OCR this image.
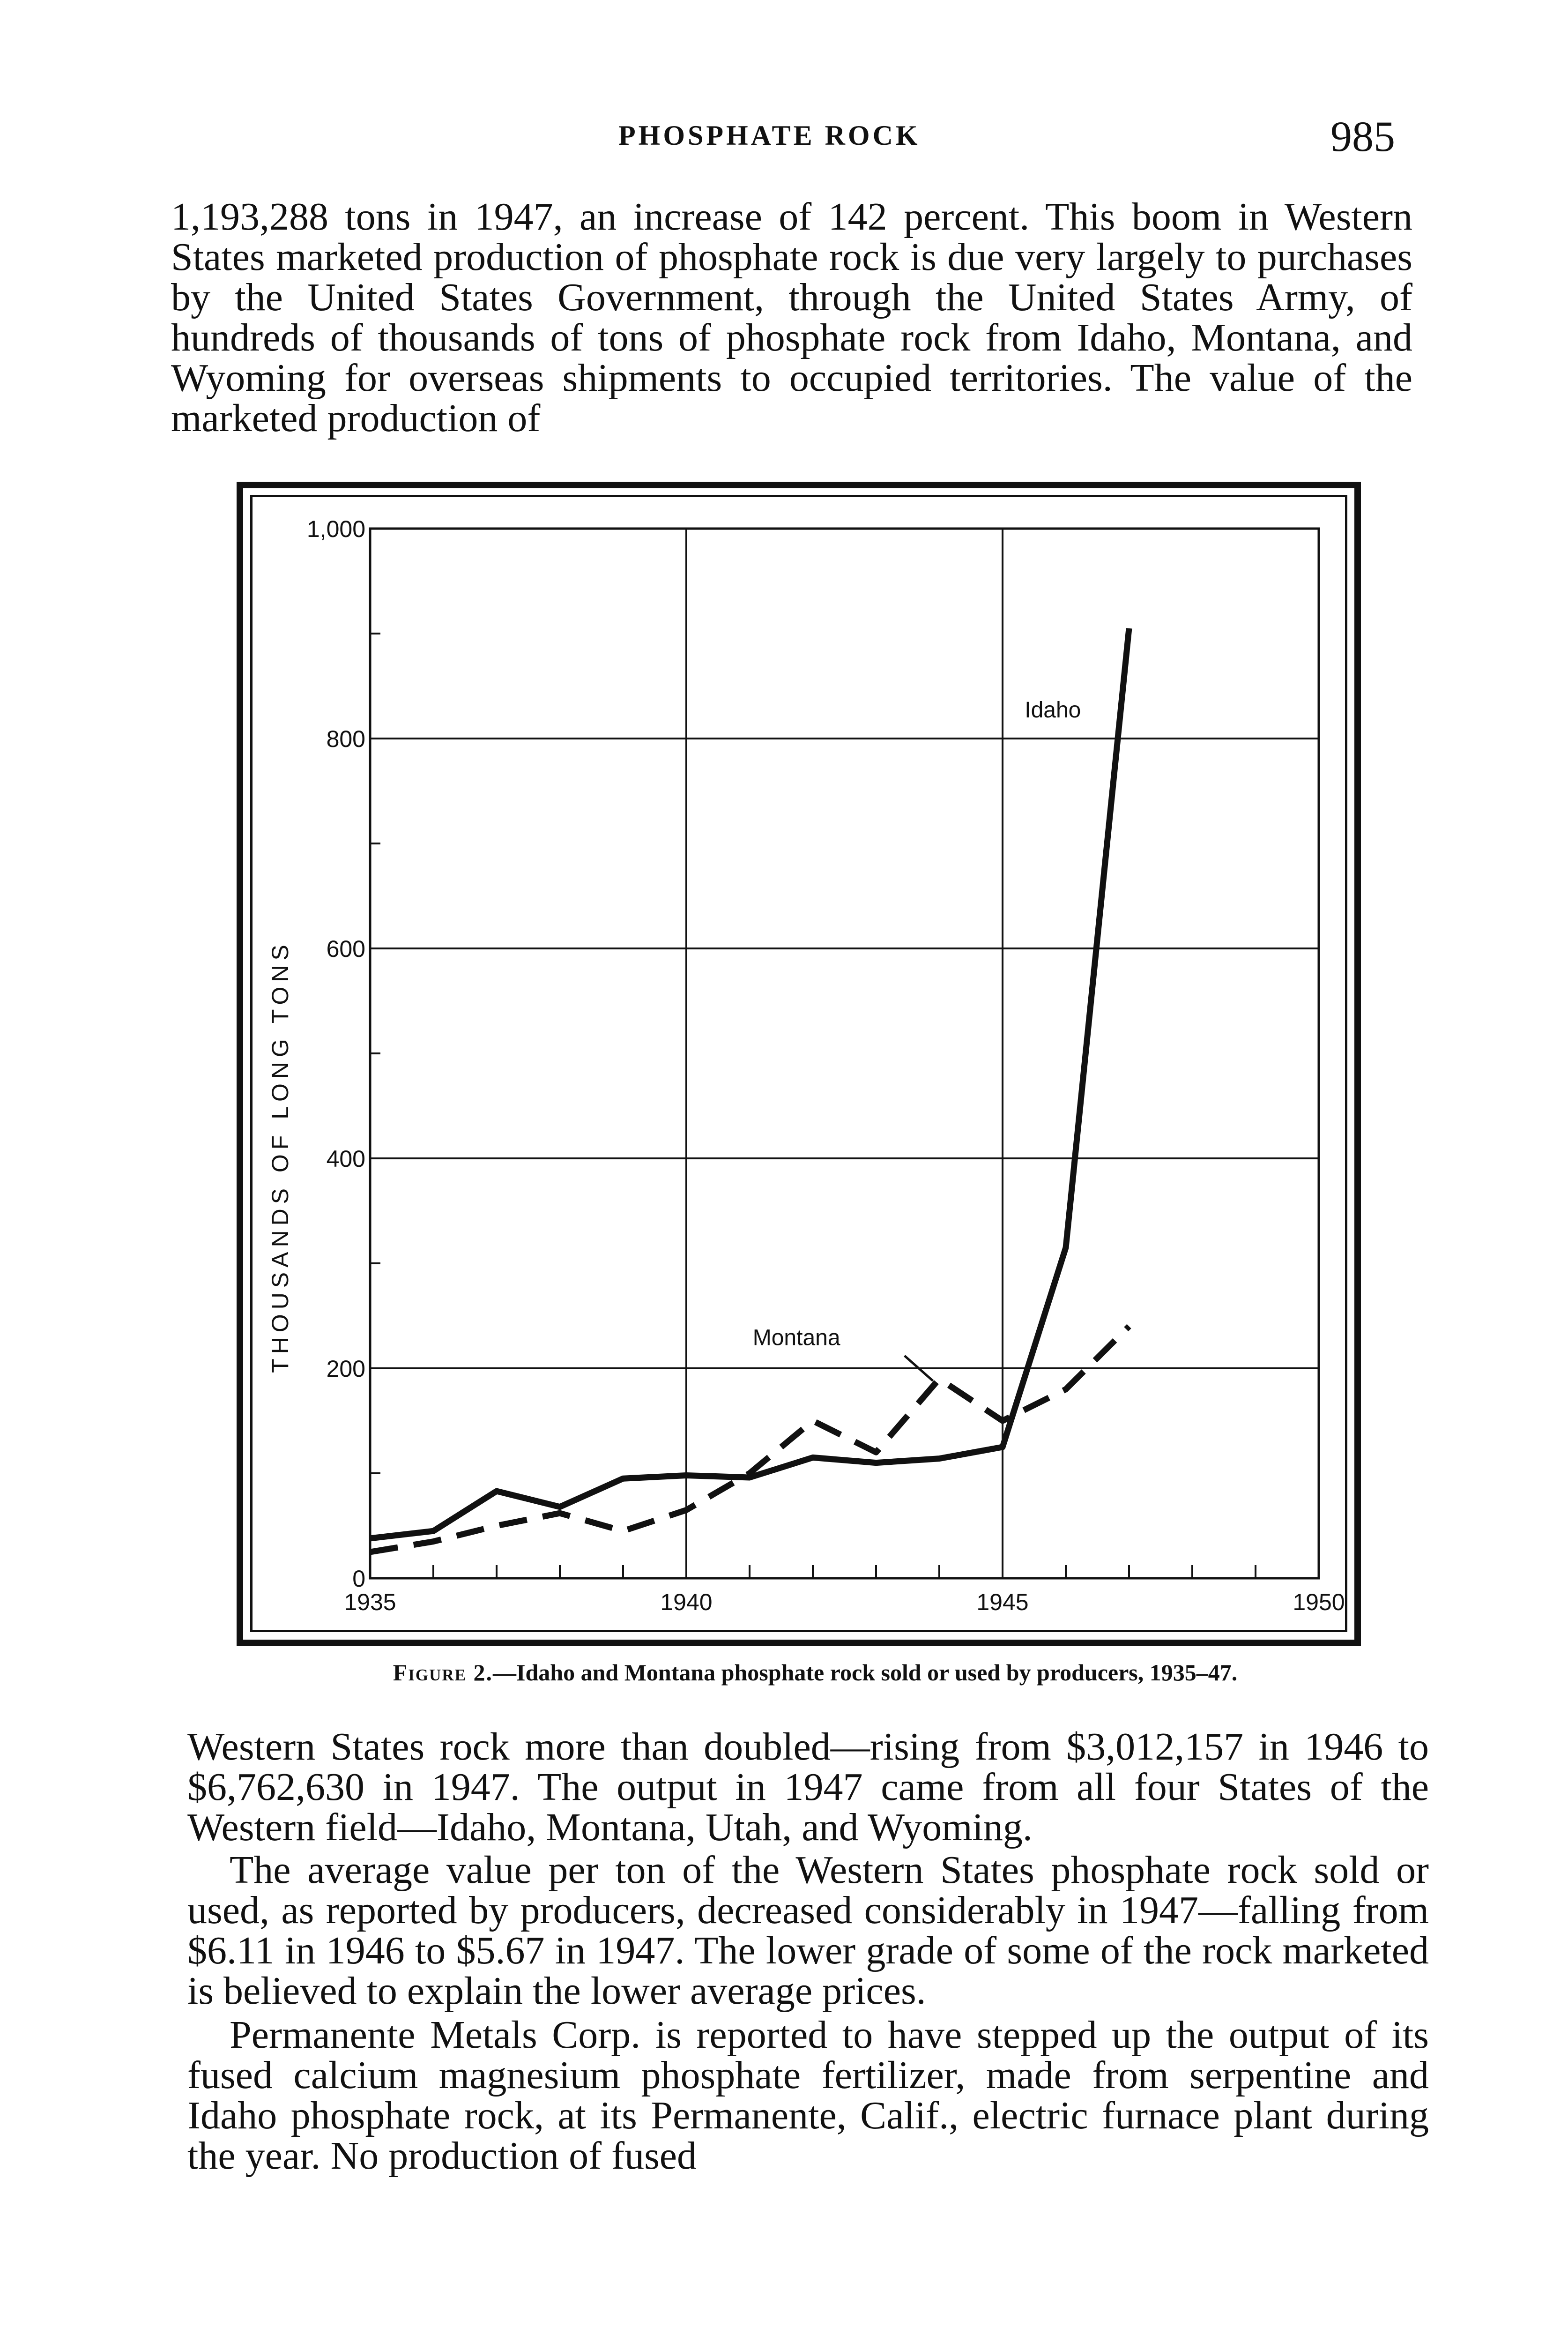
PHOSPHATE ROCK	985

1,193,288 tons in 1947, an increase of 142 percent. This boom in Western States marketed production of phosphate rock is due very largely to purchases by the United States Government, through the United States Army, of hundreds of thousands of tons of phosphate rock from Idaho, Montana, and Wyoming for overseas shipments to occupied territories. The value of the marketed production of

0
200
400
600
800
1,000
1935	1940	1945	1950
THOUSANDS OF LONG TONS
Idaho
Montana
Figure 2.—Idaho and Montana phosphate rock sold or used by producers, 1935–47.

Western States rock more than doubled—rising from $3,012,157 in 1946 to $6,762,630 in 1947. The output in 1947 came from all four States of the Western field—Idaho, Montana, Utah, and Wyoming.

The average value per ton of the Western States phosphate rock sold or used, as reported by producers, decreased considerably in 1947—falling from $6.11 in 1946 to $5.67 in 1947. The lower grade of some of the rock marketed is believed to explain the lower average prices.

Permanente Metals Corp. is reported to have stepped up the output of its fused calcium magnesium phosphate fertilizer, made from serpentine and Idaho phosphate rock, at its Permanente, Calif., electric furnace plant during the year. No production of fused
